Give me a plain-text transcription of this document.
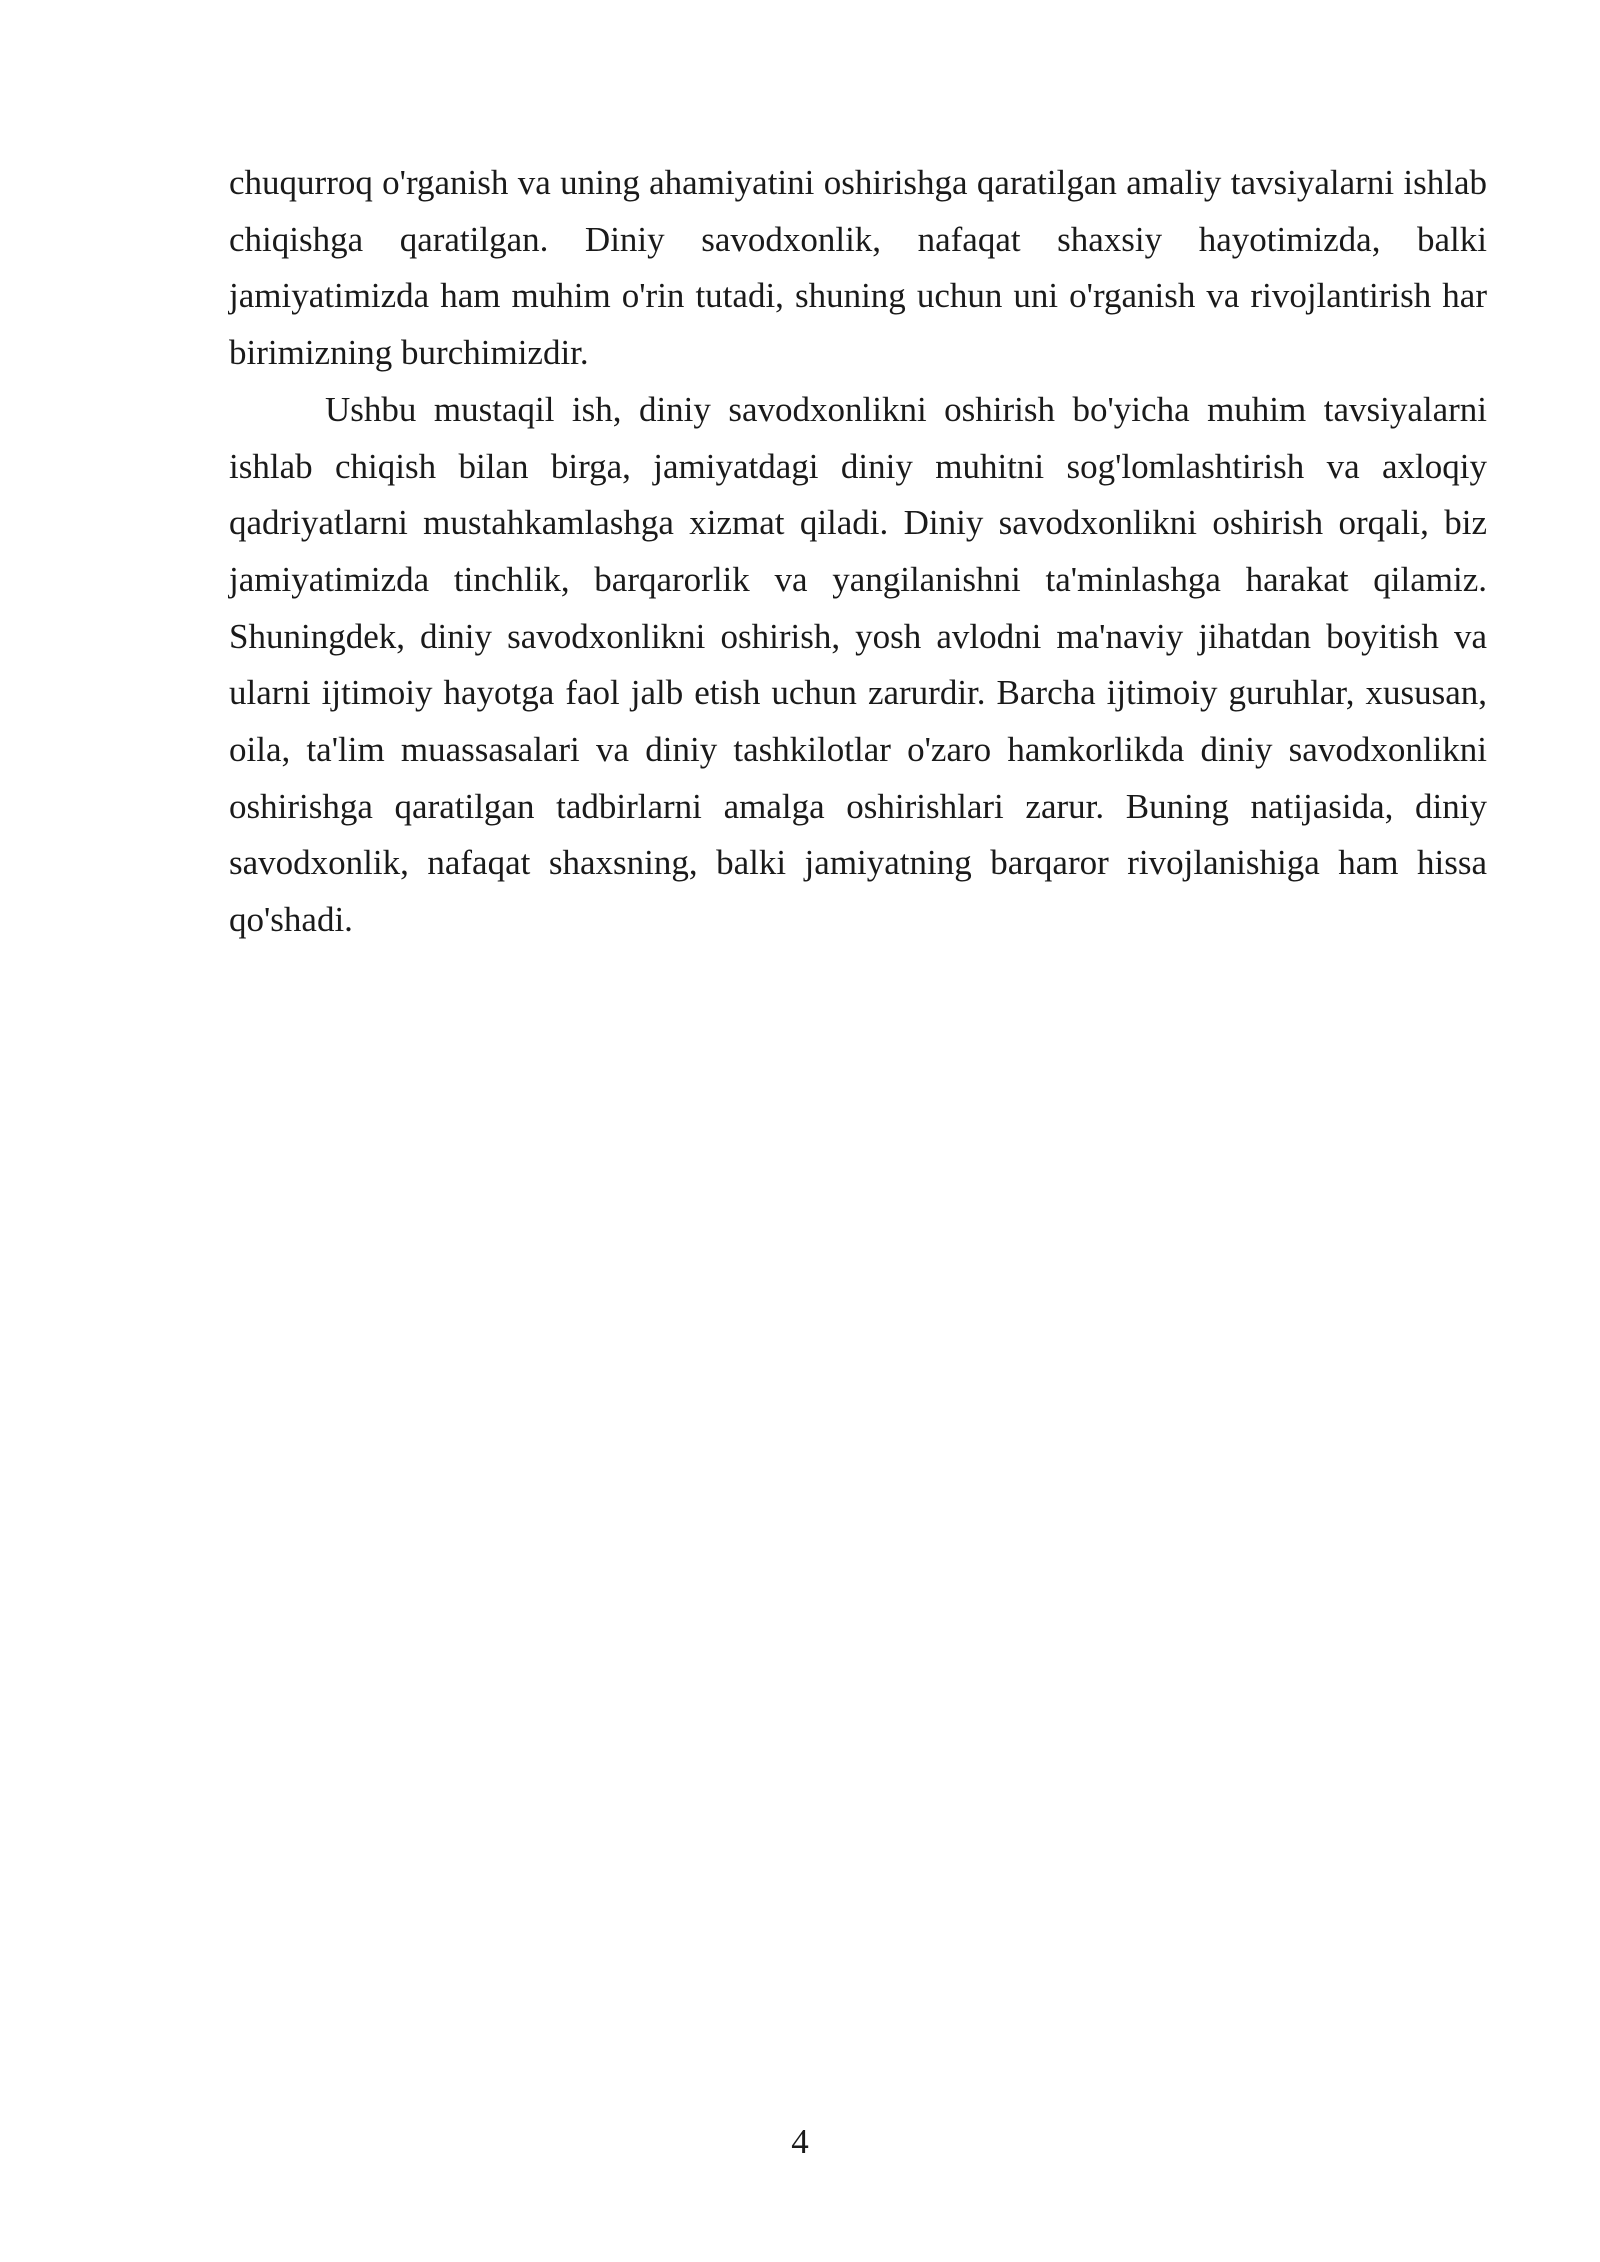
chuqurroq o'rganish va uning ahamiyatini oshirishga qaratilgan amaliy tavsiyalarni ishlab chiqishga qaratilgan. Diniy savodxonlik, nafaqat shaxsiy hayotimizda, balki jamiyatimizda ham muhim o'rin tutadi, shuning uchun uni o'rganish va rivojlantirish har birimizning burchimizdir.

Ushbu mustaqil ish, diniy savodxonlikni oshirish bo'yicha muhim tavsiyalarni ishlab chiqish bilan birga, jamiyatdagi diniy muhitni sog'lomlashtirish va axloqiy qadriyatlarni mustahkamlashga xizmat qiladi. Diniy savodxonlikni oshirish orqali, biz jamiyatimizda tinchlik, barqarorlik va yangilanishni ta'minlashga harakat qilamiz. Shuningdek, diniy savodxonlikni oshirish, yosh avlodni ma'naviy jihatdan boyitish va ularni ijtimoiy hayotga faol jalb etish uchun zarurdir. Barcha ijtimoiy guruhlar, xususan, oila, ta'lim muassasalari va diniy tashkilotlar o'zaro hamkorlikda diniy savodxonlikni oshirishga qaratilgan tadbirlarni amalga oshirishlari zarur. Buning natijasida, diniy savodxonlik, nafaqat shaxsning, balki jamiyatning barqaror rivojlanishiga ham hissa qo'shadi.

4
